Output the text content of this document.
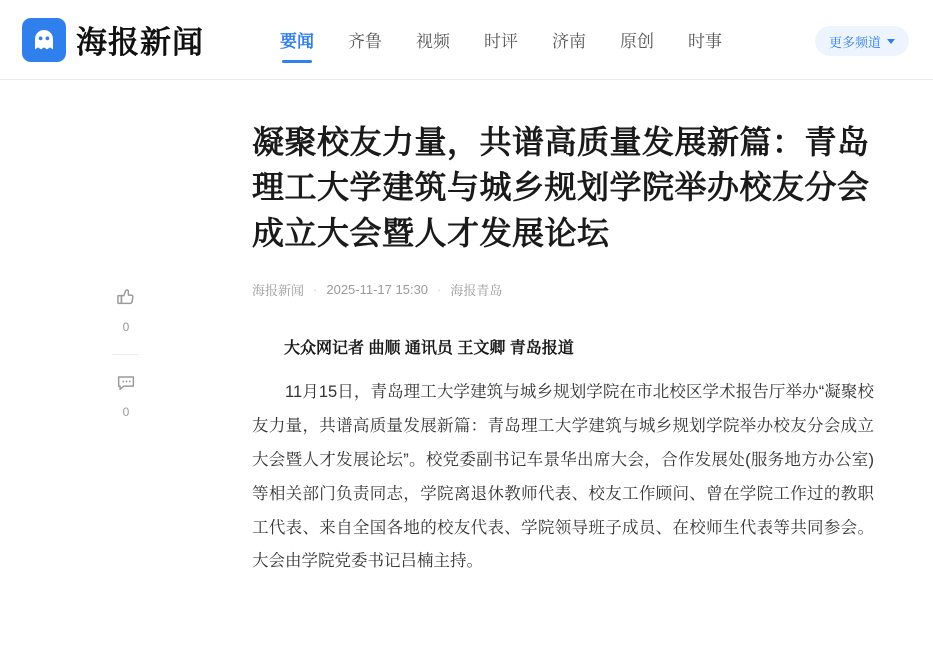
海报新闻	要闻 齐鲁 视频 时评 济南 原创 时事	更多频道
0
0
凝聚校友力量，共谱高质量发展新篇：青岛理工大学建筑与城乡规划学院举办校友分会成立大会暨人才发展论坛
海报新闻 · 2025-11-17 15:30 · 海报青岛

大众网记者 曲顺 通讯员 王文卿 青岛报道

11月15日，青岛理工大学建筑与城乡规划学院在市北校区学术报告厅举办“凝聚校友力量，共谱高质量发展新篇：青岛理工大学建筑与城乡规划学院举办校友分会成立大会暨人才发展论坛”。校党委副书记车景华出席大会，合作发展处(服务地方办公室)等相关部门负责同志，学院离退休教师代表、校友工作顾问、曾在学院工作过的教职工代表、来自全国各地的校友代表、学院领导班子成员、在校师生代表等共同参会。大会由学院党委书记吕楠主持。
